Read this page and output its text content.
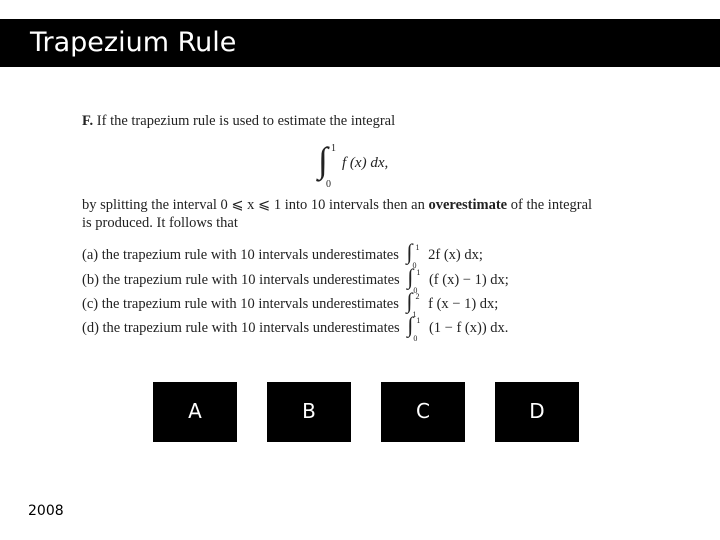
Trapezium Rule
F. If the trapezium rule is used to estimate the integral
∫ 1
0
f (x) dx,
by splitting the interval 0 ⩽ x ⩽ 1 into 10 intervals then an overestimate of the integral
is produced. It follows that
(a) the trapezium rule with 10 intervals underestimates ∫ 1
0
2f (x) dx;
(b) the trapezium rule with 10 intervals underestimates ∫ 1
0
(f (x) − 1) dx;
(c) the trapezium rule with 10 intervals underestimates ∫ 2
1
f (x − 1) dx;
(d) the trapezium rule with 10 intervals underestimates ∫ 1
0
(1 − f (x)) dx.
A	B	C	D
2008
